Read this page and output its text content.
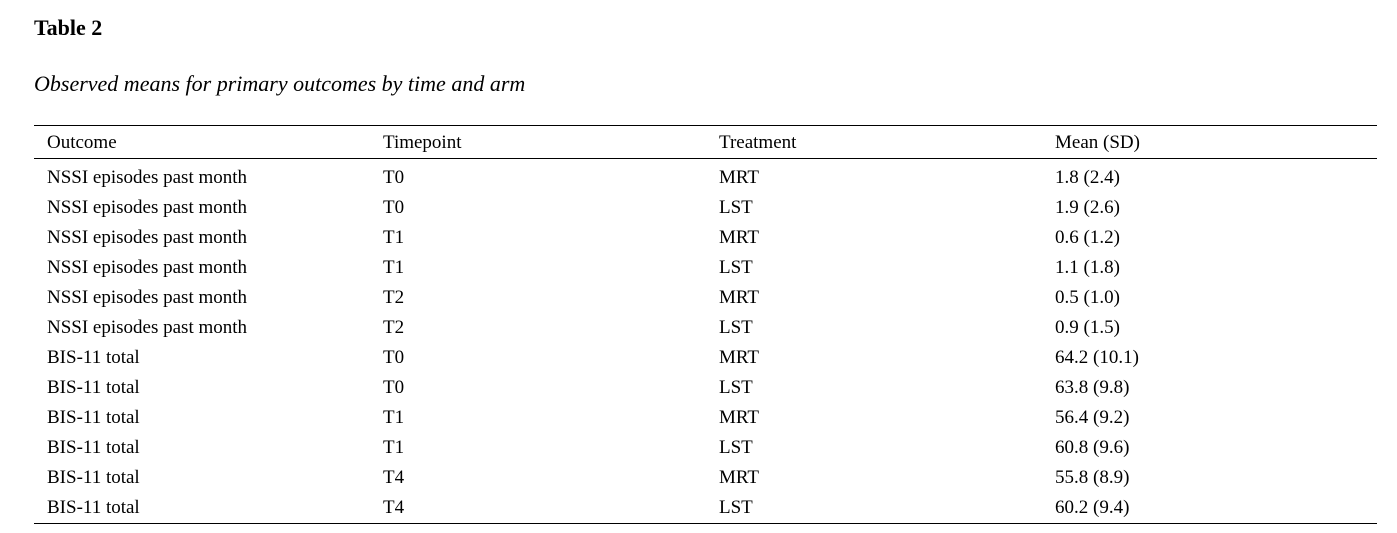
Table 2
Observed means for primary outcomes by time and arm
Outcome	Timepoint	Treatment	Mean (SD)
NSSI episodes past month	T0	MRT	1.8 (2.4)
NSSI episodes past month	T0	LST	1.9 (2.6)
NSSI episodes past month	T1	MRT	0.6 (1.2)
NSSI episodes past month	T1	LST	1.1 (1.8)
NSSI episodes past month	T2	MRT	0.5 (1.0)
NSSI episodes past month	T2	LST	0.9 (1.5)
BIS-11 total	T0	MRT	64.2 (10.1)
BIS-11 total	T0	LST	63.8 (9.8)
BIS-11 total	T1	MRT	56.4 (9.2)
BIS-11 total	T1	LST	60.8 (9.6)
BIS-11 total	T4	MRT	55.8 (8.9)
BIS-11 total	T4	LST	60.2 (9.4)
